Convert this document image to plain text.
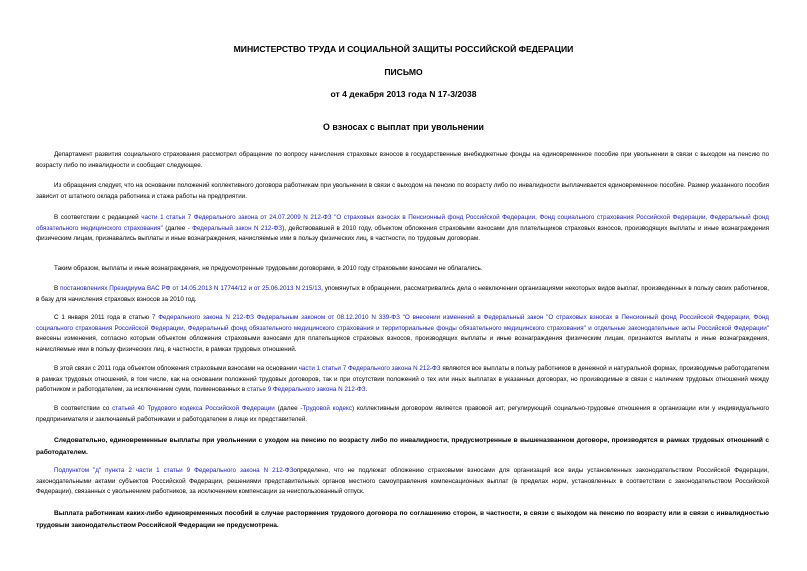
МИНИСТЕРСТВО ТРУДА И СОЦИАЛЬНОЙ ЗАЩИТЫ РОССИЙСКОЙ ФЕДЕРАЦИИ
ПИСЬМО
от 4 декабря 2013 года N 17-3/2038
О взносах с выплат при увольнении
Департамент развития социального страхования рассмотрел обращение по вопросу начисления страховых взносов в государственные внебюджетные фонды на единовременное пособие при увольнении в связи с выходом на пенсию по возрасту либо по инвалидности и сообщает следующее.
Из обращения следует, что на основании положений коллективного договора работникам при увольнении в связи с выходом на пенсию по возрасту либо по инвалидности выплачивается единовременное пособие. Размер указанного пособия зависит от штатного оклада работника и стажа работы на предприятии.
В соответствии с редакцией части 1 статьи 7 Федерального закона от 24.07.2009 N 212-ФЗ "О страховых взносах в Пенсионный фонд Российской Федерации, Фонд социального страхования Российской Федерации, Федеральный фонд обязательного медицинского страхования" (далее - Федеральный закон N 212-ФЗ), действовавшей в 2010 году, объектом обложения страховыми взносами для плательщиков страховых взносов, производящих выплаты и иные вознаграждения физическим лицам, признавались выплаты и иные вознаграждения, начисляемые ими в пользу физических лиц, в частности, по трудовым договорам.
Таким образом, выплаты и иные вознаграждения, не предусмотренные трудовыми договорами, в 2010 году страховыми взносами не облагались.
В постановлениях Президиума ВАС РФ от 14.05.2013 N 17744/12 и от 25.06.2013 N 215/13, упомянутых в обращении, рассматривались дела о невключении организациями некоторых видов выплат, произведенных в пользу своих работников, в базу для начисления страховых взносов за 2010 год.
С 1 января 2011 года в статью 7 Федерального закона N 212-ФЗ Федеральным законом от 08.12.2010 N 339-ФЗ "О внесении изменений в Федеральный закон "О страховых взносах в Пенсионный фонд Российской Федерации, Фонд социального страхования Российской Федерации, Федеральный фонд обязательного медицинского страхования и территориальные фонды обязательного медицинского страхования" и отдельные законодательные акты Российской Федерации" внесены изменения, согласно которым объектом обложения страховыми взносами для плательщиков страховых взносов, производящих выплаты и иные вознаграждения физическим лицам, признаются выплаты и иные вознаграждения, начисляемые ими в пользу физических лиц, в частности, в рамках трудовых отношений.
В этой связи с 2011 года объектом обложения страховыми взносами на основании части 1 статьи 7 Федерального закона N 212-ФЗ являются все выплаты в пользу работников в денежной и натуральной формах, производимые работодателем в рамках трудовых отношений, в том числе, как на основании положений трудовых договоров, так и при отсутствии положений о тех или иных выплатах в указанных договорах, но производимые в связи с наличием трудовых отношений между работником и работодателем, за исключением сумм, поименованных в статье 9 Федерального закона N 212-ФЗ.
В соответствии со статьей 40 Трудового кодекса Российской Федерации (далее -Трудовой кодекс) коллективным договором является правовой акт, регулирующий социально-трудовые отношения в организации или у индивидуального предпринимателя и заключаемый работниками и работодателем в лице их представителей.
Следовательно, единовременные выплаты при увольнении с уходом на пенсию по возрасту либо по инвалидности, предусмотренные в вышеназванном договоре, производятся в рамках трудовых отношений с работодателем.
Подпунктом "д" пункта 2 части 1 статьи 9 Федерального закона N 212-ФЗопределено, что не подлежат обложению страховыми взносами для организаций все виды установленных законодательством Российской Федерации, законодательными актами субъектов Российской Федерации, решениями представительных органов местного самоуправления компенсационных выплат (в пределах норм, установленных в соответствии с законодательством Российской Федерации), связанных с увольнением работников, за исключением компенсации за неиспользованный отпуск.
Выплата работникам каких-либо единовременных пособий в случае расторжения трудового договора по соглашению сторон, в частности, в связи с выходом на пенсию по возрасту или в связи с инвалидностью трудовым законодательством Российской Федерации не предусмотрена.
